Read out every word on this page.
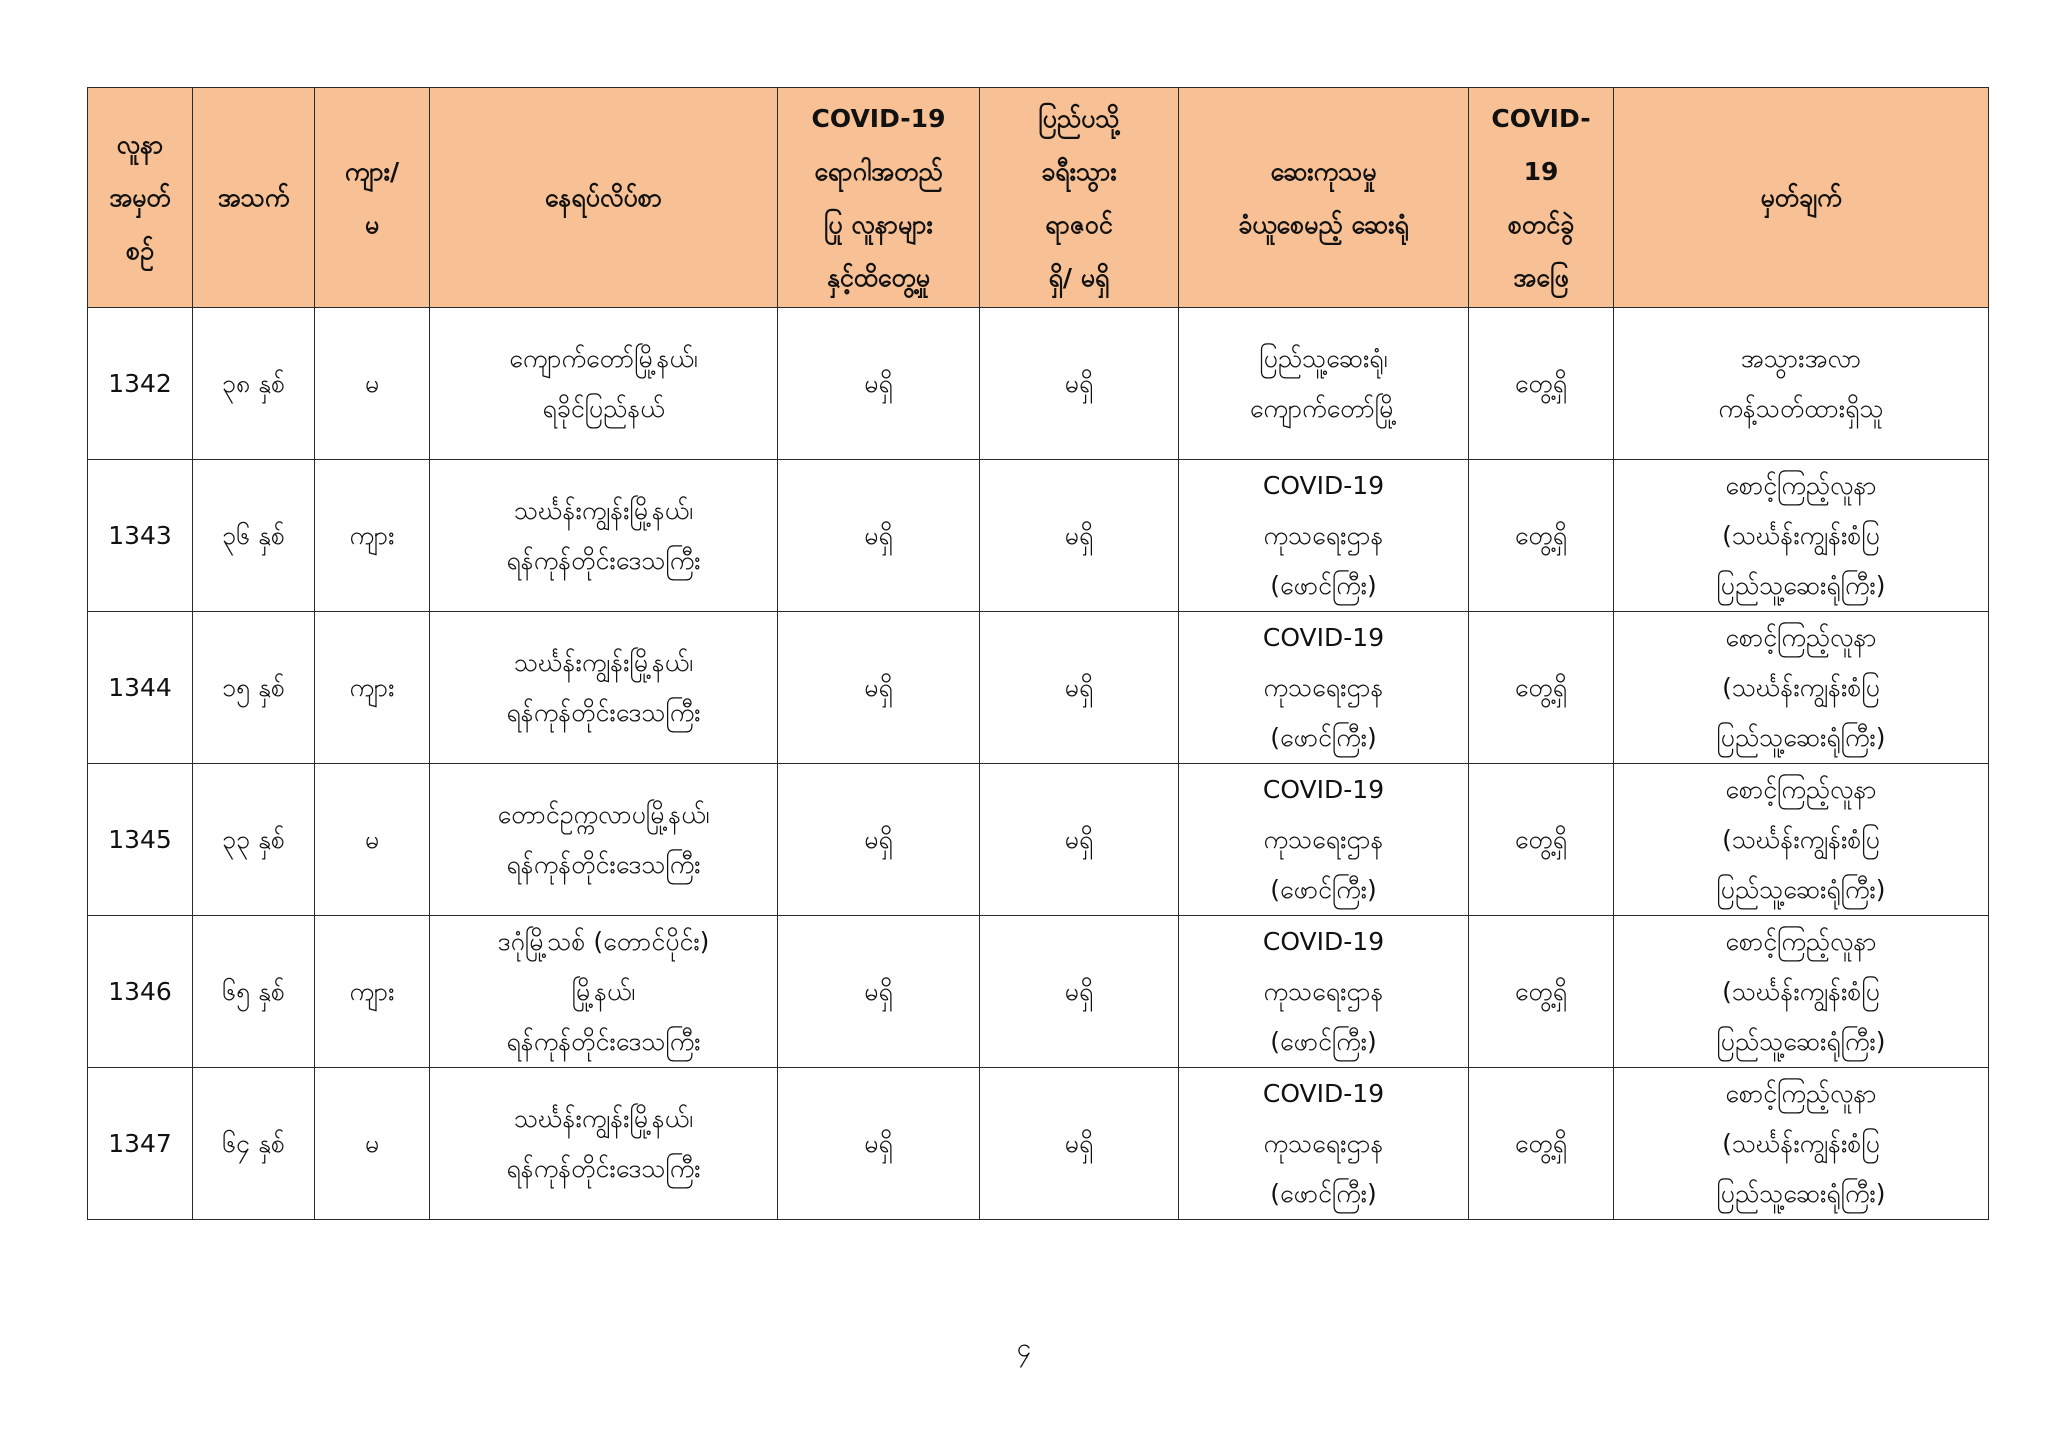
လူနာ
အမှတ်
စဉ်	အသက်	ကျား/
မ	နေရပ်လိပ်စာ	COVID-19
ရောဂါအတည်
ပြု လူနာများ
နှင့်ထိတွေ့မှု	ပြည်ပသို့
ခရီးသွား
ရာဇဝင်
ရှိ/ မရှိ	ဆေးကုသမှု
ခံယူစေမည့် ဆေးရုံ	COVID-
19
စတင်ခွဲ
အဖြေ	မှတ်ချက်
1342	၃၈ နှစ်	မ	ကျောက်တော်မြို့နယ်၊
ရခိုင်ပြည်နယ်	မရှိ	မရှိ	ပြည်သူ့ဆေးရုံ၊
ကျောက်တော်မြို့	တွေ့ရှိ	အသွားအလာ
ကန့်သတ်ထားရှိသူ
1343	၃၆ နှစ်	ကျား	သင်္ဃန်းကျွန်းမြို့နယ်၊
ရန်ကုန်တိုင်းဒေသကြီး	မရှိ	မရှိ	COVID-19
ကုသရေးဌာန
(ဖောင်ကြီး)	တွေ့ရှိ	စောင့်ကြည့်လူနာ
(သင်္ဃန်းကျွန်းစံပြ
ပြည်သူ့ဆေးရုံကြီး)
1344	၁၅ နှစ်	ကျား	သင်္ဃန်းကျွန်းမြို့နယ်၊
ရန်ကုန်တိုင်းဒေသကြီး	မရှိ	မရှိ	COVID-19
ကုသရေးဌာန
(ဖောင်ကြီး)	တွေ့ရှိ	စောင့်ကြည့်လူနာ
(သင်္ဃန်းကျွန်းစံပြ
ပြည်သူ့ဆေးရုံကြီး)
1345	၃၃ နှစ်	မ	တောင်ဥက္ကလာပမြို့နယ်၊
ရန်ကုန်တိုင်းဒေသကြီး	မရှိ	မရှိ	COVID-19
ကုသရေးဌာန
(ဖောင်ကြီး)	တွေ့ရှိ	စောင့်ကြည့်လူနာ
(သင်္ဃန်းကျွန်းစံပြ
ပြည်သူ့ဆေးရုံကြီး)
1346	၆၅ နှစ်	ကျား	ဒဂုံမြို့သစ် (တောင်ပိုင်း)
မြို့နယ်၊
ရန်ကုန်တိုင်းဒေသကြီး	မရှိ	မရှိ	COVID-19
ကုသရေးဌာန
(ဖောင်ကြီး)	တွေ့ရှိ	စောင့်ကြည့်လူနာ
(သင်္ဃန်းကျွန်းစံပြ
ပြည်သူ့ဆေးရုံကြီး)
1347	၆၄ နှစ်	မ	သင်္ဃန်းကျွန်းမြို့နယ်၊
ရန်ကုန်တိုင်းဒေသကြီး	မရှိ	မရှိ	COVID-19
ကုသရေးဌာန
(ဖောင်ကြီး)	တွေ့ရှိ	စောင့်ကြည့်လူနာ
(သင်္ဃန်းကျွန်းစံပြ
ပြည်သူ့ဆေးရုံကြီး)
၄
